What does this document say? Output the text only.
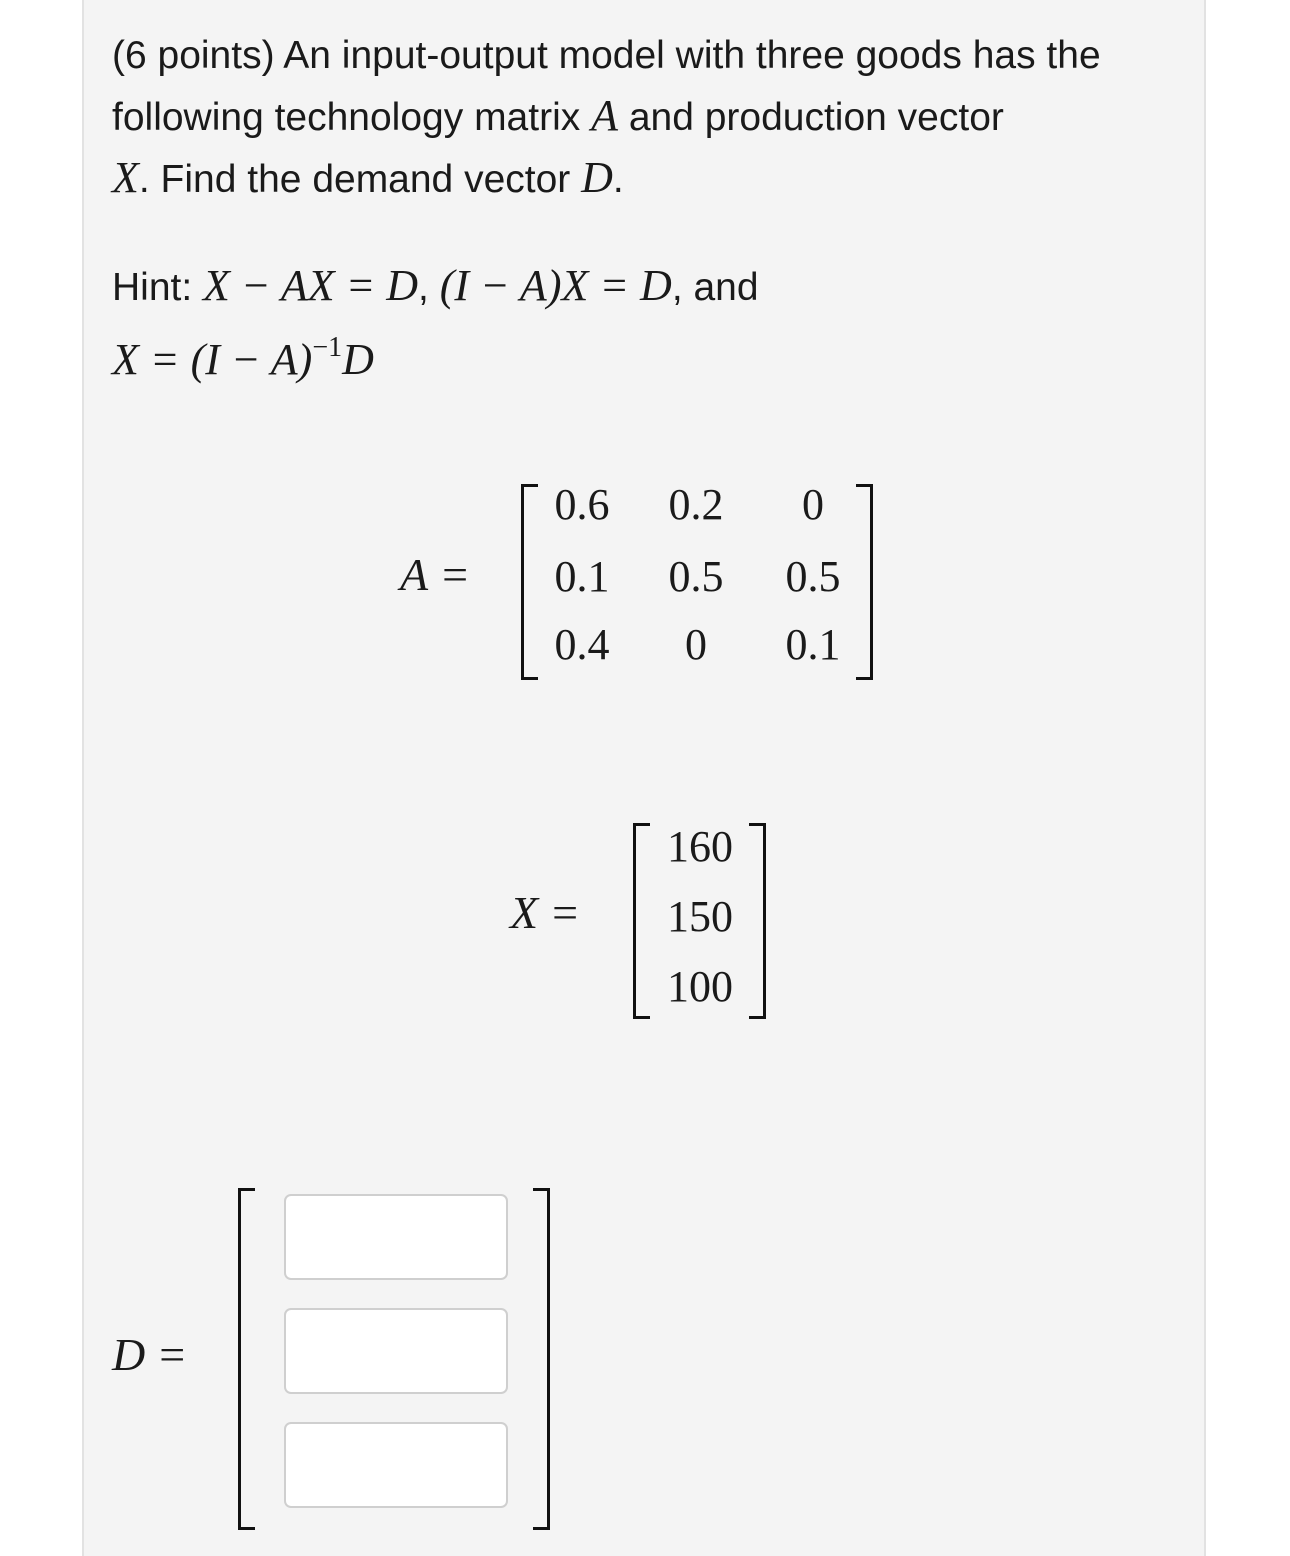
(6 points) An input-output model with three goods has the following technology matrix A and production vector
X. Find the demand vector D.
Hint: X − AX = D, (I − A)X = D, and
$X = (I - A)^{-1}D$
A =
0.6	0.2	0
0.1	0.5	0.5
0.4	0	0.1
X =
160
150
100
D =
